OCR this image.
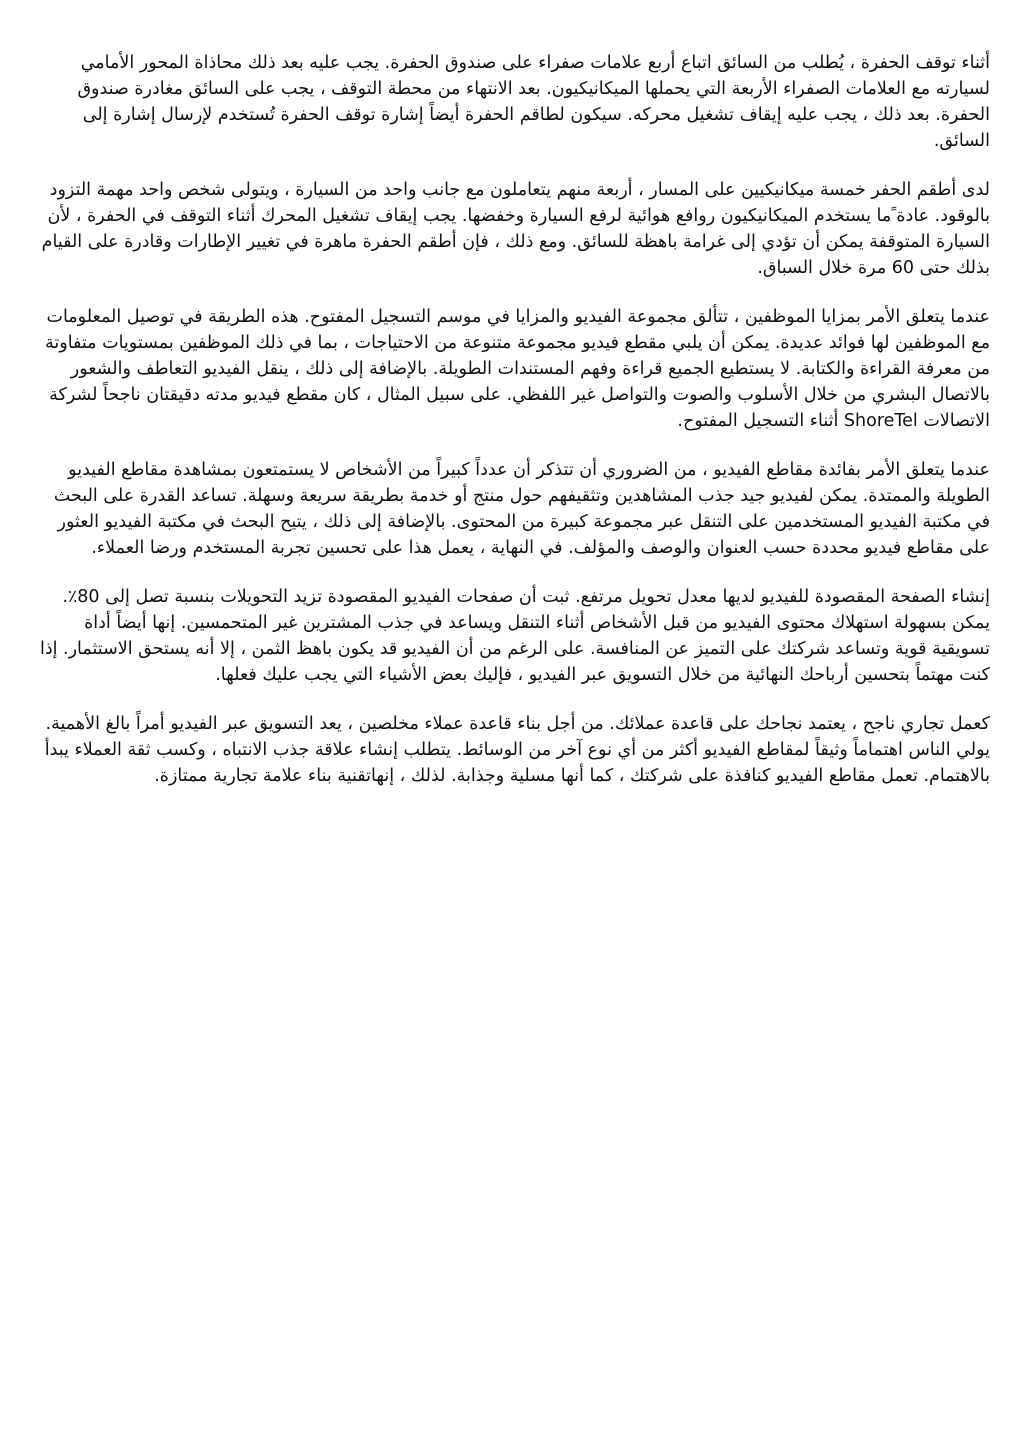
أثناء توقف الحفرة ، يُطلب من السائق اتباع أربع علامات صفراء على صندوق الحفرة. يجب عليه بعد ذلك محاذاة المحور الأمامي لسيارته مع العلامات الصفراء الأربعة التي يحملها الميكانيكيون. بعد الانتهاء من محطة التوقف ، يجب على السائق مغادرة صندوق الحفرة. بعد ذلك ، يجب عليه إيقاف تشغيل محركه. سيكون لطاقم الحفرة أيضاً إشارة توقف الحفرة تُستخدم لإرسال إشارة إلى السائق.

لدى أطقم الحفر خمسة ميكانيكيين على المسار ، أربعة منهم يتعاملون مع جانب واحد من السيارة ، ويتولى شخص واحد مهمة التزود بالوقود. عادة ًما يستخدم الميكانيكيون روافع هوائية لرفع السيارة وخفضها. يجب إيقاف تشغيل المحرك أثناء التوقف في الحفرة ، لأن السيارة المتوقفة يمكن أن تؤدي إلى غرامة باهظة للسائق. ومع ذلك ، فإن أطقم الحفرة ماهرة في تغيير الإطارات وقادرة على القيام بذلك حتى 60 مرة خلال السباق.

عندما يتعلق الأمر بمزايا الموظفين ، تتألق مجموعة الفيديو والمزايا في موسم التسجيل المفتوح. هذه الطريقة في توصيل المعلومات مع الموظفين لها فوائد عديدة. يمكن أن يلبي مقطع فيديو مجموعة متنوعة من الاحتياجات ، بما في ذلك الموظفين بمستويات متفاوتة من معرفة القراءة والكتابة. لا يستطيع الجميع قراءة وفهم المستندات الطويلة. بالإضافة إلى ذلك ، ينقل الفيديو التعاطف والشعور بالاتصال البشري من خلال الأسلوب والصوت والتواصل غير اللفظي. على سبيل المثال ، كان مقطع فيديو مدته دقيقتان ناجحاً لشركة الاتصالات ShoreTel أثناء التسجيل المفتوح.

عندما يتعلق الأمر بفائدة مقاطع الفيديو ، من الضروري أن تتذكر أن عدداً كبيراً من الأشخاص لا يستمتعون بمشاهدة مقاطع الفيديو الطويلة والممتدة. يمكن لفيديو جيد جذب المشاهدين وتثقيفهم حول منتج أو خدمة بطريقة سريعة وسهلة. تساعد القدرة على البحث في مكتبة الفيديو المستخدمين على التنقل عبر مجموعة كبيرة من المحتوى. بالإضافة إلى ذلك ، يتيح البحث في مكتبة الفيديو العثور على مقاطع فيديو محددة حسب العنوان والوصف والمؤلف. في النهاية ، يعمل هذا على تحسين تجربة المستخدم ورضا العملاء.

إنشاء الصفحة المقصودة للفيديو لديها معدل تحويل مرتفع. ثبت أن صفحات الفيديو المقصودة تزيد التحويلات بنسبة تصل إلى 80٪. يمكن بسهولة استهلاك محتوى الفيديو من قبل الأشخاص أثناء التنقل ويساعد في جذب المشترين غير المتحمسين. إنها أيضاً أداة تسويقية قوية وتساعد شركتك على التميز عن المنافسة. على الرغم من أن الفيديو قد يكون باهظ الثمن ، إلا أنه يستحق الاستثمار. إذا كنت مهتماً بتحسين أرباحك النهائية من خلال التسويق عبر الفيديو ، فإليك بعض الأشياء التي يجب عليك فعلها.

كعمل تجاري ناجح ، يعتمد نجاحك على قاعدة عملائك. من أجل بناء قاعدة عملاء مخلصين ، يعد التسويق عبر الفيديو أمراً بالغ الأهمية. يولي الناس اهتماماً وثيقاً لمقاطع الفيديو أكثر من أي نوع آخر من الوسائط. يتطلب إنشاء علاقة جذب الانتباه ، وكسب ثقة العملاء يبدأ بالاهتمام. تعمل مقاطع الفيديو كنافذة على شركتك ، كما أنها مسلية وجذابة. لذلك ، إنهاتقنية بناء علامة تجارية ممتازة.
